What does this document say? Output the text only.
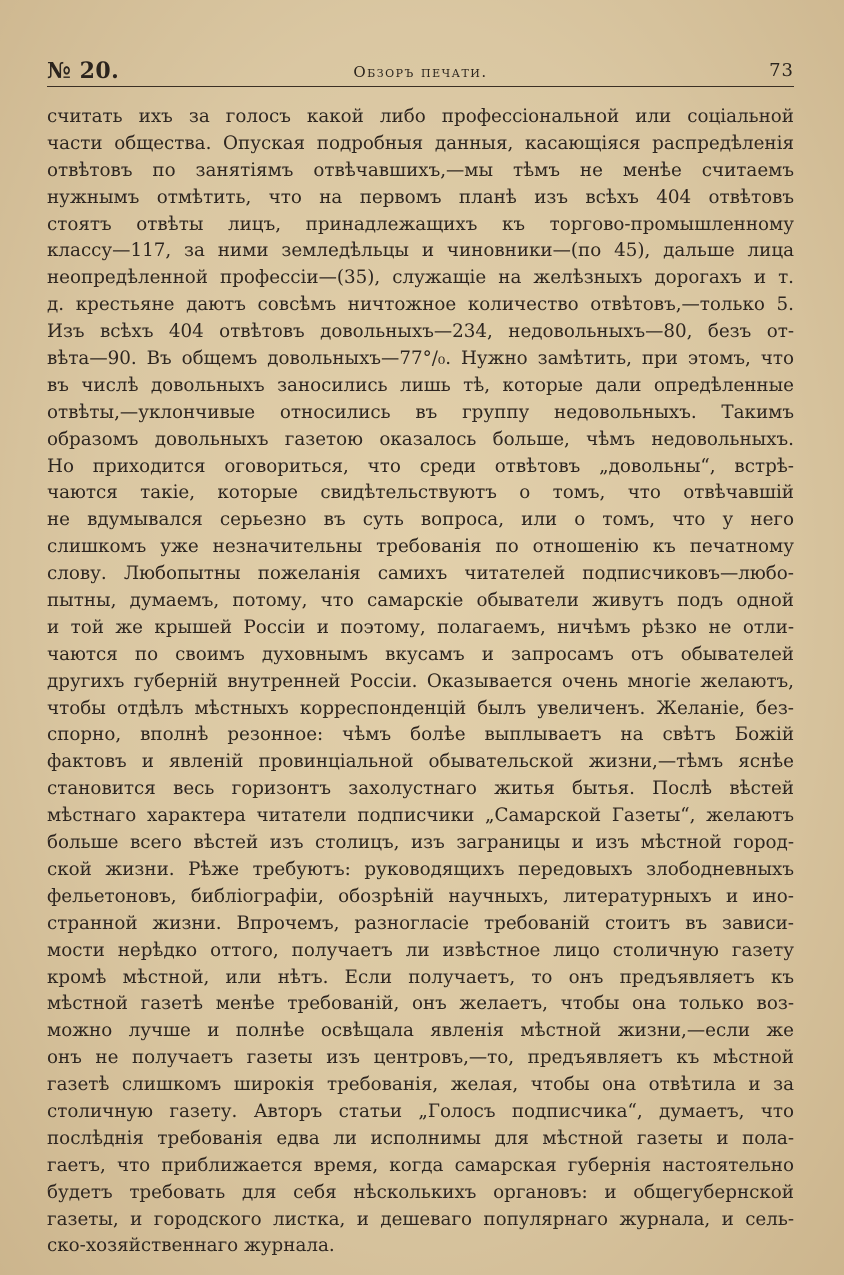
№ 20.	Обзоръ печати.	73
считать ихъ за голосъ какой либо профессіональной или соціальной
части общества. Опуская подробныя данныя, касающіяся распредѣленія
отвѣтовъ по занятіямъ отвѣчавшихъ,—мы тѣмъ не менѣе считаемъ
нужнымъ отмѣтить, что на первомъ планѣ изъ всѣхъ 404 отвѣтовъ
стоятъ отвѣты лицъ, принадлежащихъ къ торгово-промышленному
классу—117, за ними земледѣльцы и чиновники—(по 45), дальше лица
неопредѣленной профессіи—(35), служащіе на желѣзныхъ дорогахъ и т.
д. крестьяне даютъ совсѣмъ ничтожное количество отвѣтовъ,—только 5.
Изъ всѣхъ 404 отвѣтовъ довольныхъ—234, недовольныхъ—80, безъ от-
вѣта—90. Въ общемъ довольныхъ—77°/₀. Нужно замѣтить, при этомъ, что
въ числѣ довольныхъ заносились лишь тѣ, которые дали опредѣленные
отвѣты,—уклончивые относились въ группу недовольныхъ. Такимъ
образомъ довольныхъ газетою оказалось больше, чѣмъ недовольныхъ.
Но приходится оговориться, что среди отвѣтовъ „довольны“, встрѣ-
чаются такіе, которые свидѣтельствуютъ о томъ, что отвѣчавшій
не вдумывался серьезно въ суть вопроса, или о томъ, что у него
слишкомъ уже незначительны требованія по отношенію къ печатному
слову. Любопытны пожеланія самихъ читателей подписчиковъ—любо-
пытны, думаемъ, потому, что самарскіе обыватели живутъ подъ одной
и той же крышей Россіи и поэтому, полагаемъ, ничѣмъ рѣзко не отли-
чаются по своимъ духовнымъ вкусамъ и запросамъ отъ обывателей
другихъ губерній внутренней Россіи. Оказывается очень многіе желаютъ,
чтобы отдѣлъ мѣстныхъ корреспонденцій былъ увеличенъ. Желаніе, без-
спорно, вполнѣ резонное: чѣмъ болѣе выплываетъ на свѣтъ Божій
фактовъ и явленій провинціальной обывательской жизни,—тѣмъ яснѣе
становится весь горизонтъ захолустнаго житья бытья. Послѣ вѣстей
мѣстнаго характера читатели подписчики „Самарской Газеты“, желаютъ
больше всего вѣстей изъ столицъ, изъ заграницы и изъ мѣстной город-
ской жизни. Рѣже требуютъ: руководящихъ передовыхъ злободневныхъ
фельетоновъ, библіографіи, обозрѣній научныхъ, литературныхъ и ино-
странной жизни. Впрочемъ, разногласіе требованій стоитъ въ зависи-
мости нерѣдко оттого, получаетъ ли извѣстное лицо столичную газету
кромѣ мѣстной, или нѣтъ. Если получаетъ, то онъ предъявляетъ къ
мѣстной газетѣ менѣе требованій, онъ желаетъ, чтобы она только воз-
можно лучше и полнѣе освѣщала явленія мѣстной жизни,—если же
онъ не получаетъ газеты изъ центровъ,—то, предъявляетъ къ мѣстной
газетѣ слишкомъ широкія требованія, желая, чтобы она отвѣтила и за
столичную газету. Авторъ статьи „Голосъ подписчика“, думаетъ, что
послѣднія требованія едва ли исполнимы для мѣстной газеты и пола-
гаетъ, что приближается время, когда самарская губернія настоятельно
будетъ требовать для себя нѣсколькихъ органовъ: и общегубернской
газеты, и городского листка, и дешеваго популярнаго журнала, и сель-
ско-хозяйственнаго журнала.
